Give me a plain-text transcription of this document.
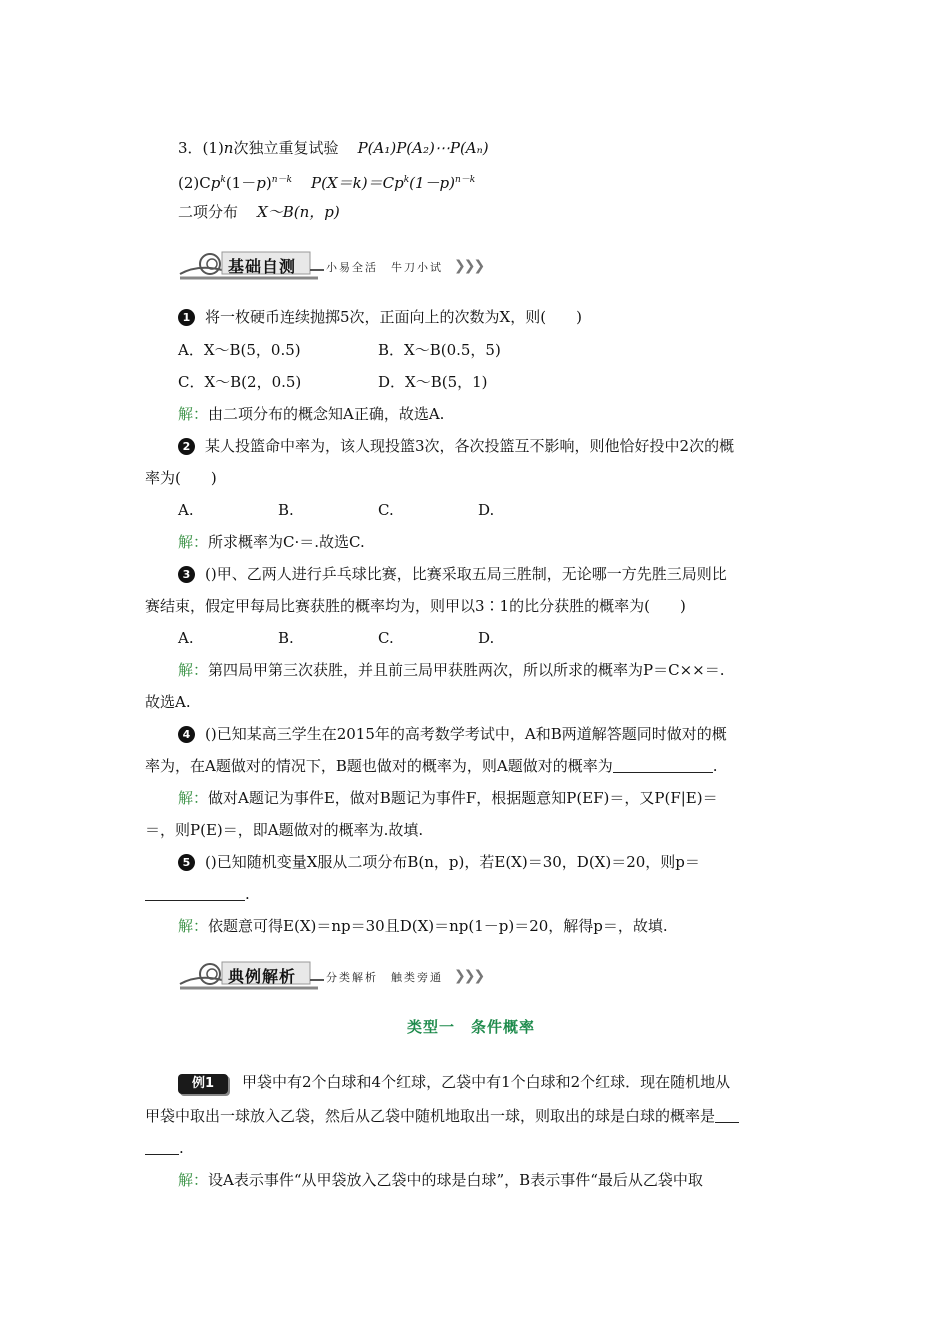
3．(1)n次独立重复试验 P(A₁)P(A₂)⋯P(Aₙ)
$(2)Cp^k(1-p)^{n-k}$ $P(X=k)=Cp^k(1-p)^{n-k}$
二项分布 X～B(n，p)
基础自测	小易全活　牛刀小试 ❯❯❯
1 将一枚硬币连续抛掷5次，正面向上的次数为X，则(　　)
A．X～B(5，0.5)	B．X～B(0.5，5)
C．X～B(2，0.5)	D．X～B(5，1)
解：由二项分布的概念知A正确，故选A.
2 某人投篮命中率为，该人现投篮3次，各次投篮互不影响，则他恰好投中2次的概
率为(　　)
A.	B.	C.	D.
解：所求概率为C·＝.故选C.
3 ()甲、乙两人进行乒乓球比赛，比赛采取五局三胜制，无论哪一方先胜三局则比
赛结束，假定甲每局比赛获胜的概率均为，则甲以3∶1的比分获胜的概率为(　　)
A.	B.	C.	D.
解：第四局甲第三次获胜，并且前三局甲获胜两次，所以所求的概率为P＝C××＝.
故选A.
4 ()已知某高三学生在2015年的高考数学考试中，A和B两道解答题同时做对的概
率为，在A题做对的情况下，B题也做对的概率为，则A题做对的概率为	.
解：做对A题记为事件E，做对B题记为事件F，根据题意知P(EF)＝，又P(F|E)＝
＝，则P(E)＝，即A题做对的概率为.故填.
5 ()已知随机变量X服从二项分布B(n，p)，若E(X)＝30，D(X)＝20，则p＝
.
解：依题意可得E(X)＝np＝30且D(X)＝np(1－p)＝20，解得p＝，故填.
典例解析	分类解析　触类旁通 ❯❯❯
类型一　条件概率
例1 甲袋中有2个白球和4个红球，乙袋中有1个白球和2个红球．现在随机地从
甲袋中取出一球放入乙袋，然后从乙袋中随机地取出一球，则取出的球是白球的概率是
.
解：设A表示事件“从甲袋放入乙袋中的球是白球”，B表示事件“最后从乙袋中取
